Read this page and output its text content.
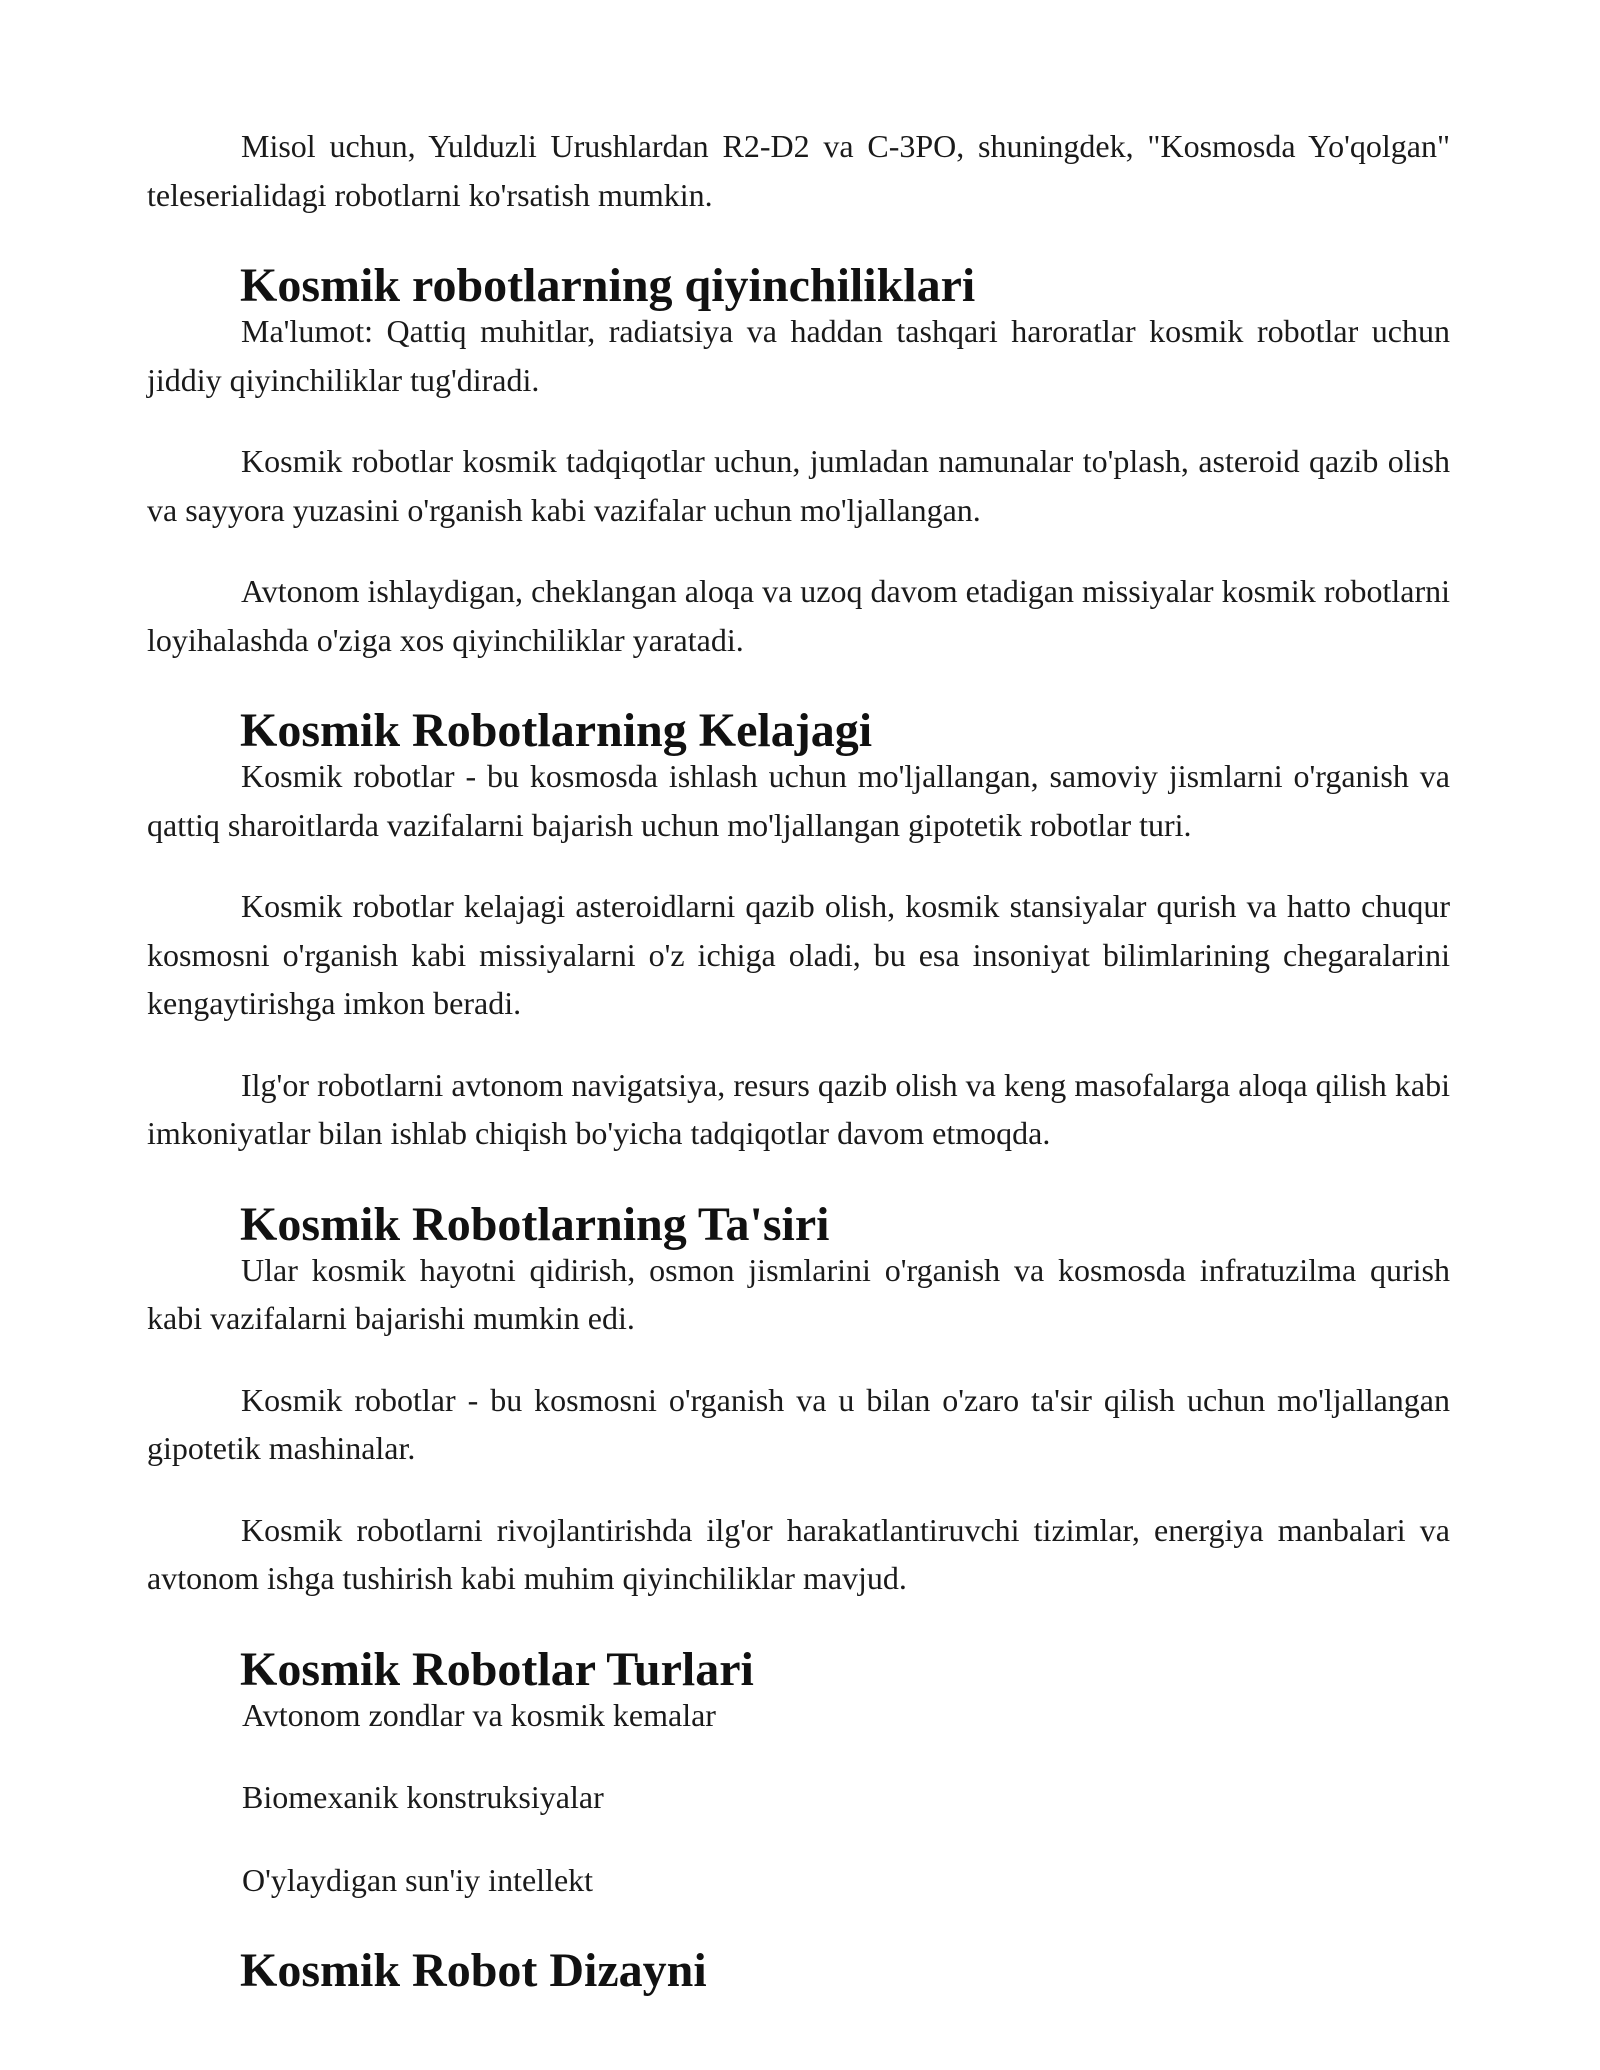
Misol uchun, Yulduzli Urushlardan R2-D2 va C-3PO, shuningdek, "Kosmosda Yo'qolgan" teleserialidagi robotlarni ko'rsatish mumkin.

Kosmik robotlarning qiyinchiliklari

Ma'lumot: Qattiq muhitlar, radiatsiya va haddan tashqari haroratlar kosmik robotlar uchun jiddiy qiyinchiliklar tug'diradi.

Kosmik robotlar kosmik tadqiqotlar uchun, jumladan namunalar to'plash, asteroid qazib olish va sayyora yuzasini o'rganish kabi vazifalar uchun mo'ljallangan.

Avtonom ishlaydigan, cheklangan aloqa va uzoq davom etadigan missiyalar kosmik robotlarni loyihalashda o'ziga xos qiyinchiliklar yaratadi.

Kosmik Robotlarning Kelajagi

Kosmik robotlar - bu kosmosda ishlash uchun mo'ljallangan, samoviy jismlarni o'rganish va qattiq sharoitlarda vazifalarni bajarish uchun mo'ljallangan gipotetik robotlar turi.

Kosmik robotlar kelajagi asteroidlarni qazib olish, kosmik stansiyalar qurish va hatto chuqur kosmosni o'rganish kabi missiyalarni o'z ichiga oladi, bu esa insoniyat bilimlarining chegaralarini kengaytirishga imkon beradi.

Ilg'or robotlarni avtonom navigatsiya, resurs qazib olish va keng masofalarga aloqa qilish kabi imkoniyatlar bilan ishlab chiqish bo'yicha tadqiqotlar davom etmoqda.

Kosmik Robotlarning Ta'siri

Ular kosmik hayotni qidirish, osmon jismlarini o'rganish va kosmosda infratuzilma qurish kabi vazifalarni bajarishi mumkin edi.

Kosmik robotlar - bu kosmosni o'rganish va u bilan o'zaro ta'sir qilish uchun mo'ljallangan gipotetik mashinalar.

Kosmik robotlarni rivojlantirishda ilg'or harakatlantiruvchi tizimlar, energiya manbalari va avtonom ishga tushirish kabi muhim qiyinchiliklar mavjud.

Kosmik Robotlar Turlari

Avtonom zondlar va kosmik kemalar

Biomexanik konstruksiyalar

O'ylaydigan sun'iy intellekt

Kosmik Robot Dizayni
